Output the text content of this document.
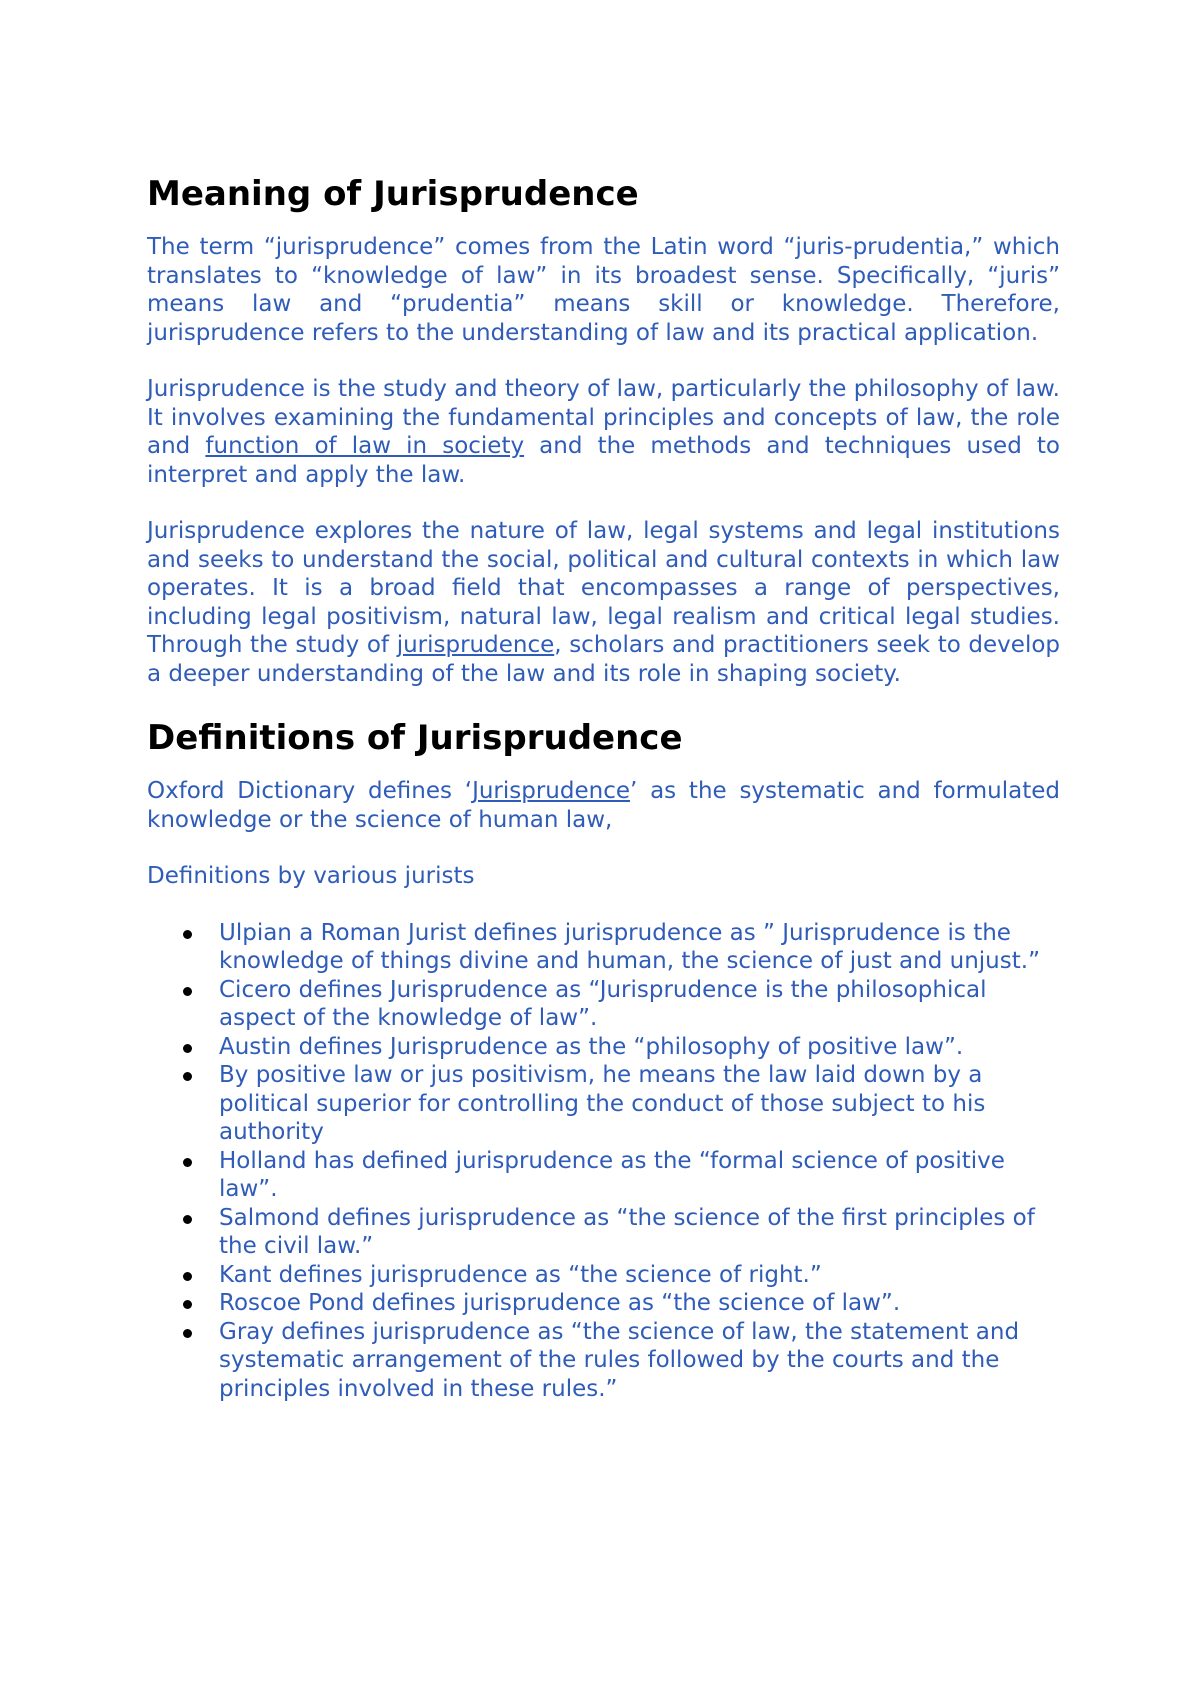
Meaning of Jurisprudence

The term “jurisprudence” comes from the Latin word “juris-prudentia,” which translates to “knowledge of law” in its broadest sense. Specifically, “juris” means law and “prudentia” means skill or knowledge. Therefore, jurisprudence refers to the understanding of law and its practical application.

Jurisprudence is the study and theory of law, particularly the philosophy of law. It involves examining the fundamental principles and concepts of law, the role and function of law in society and the methods and techniques used to interpret and apply the law.

Jurisprudence explores the nature of law, legal systems and legal institutions and seeks to understand the social, political and cultural contexts in which law operates. It is a broad field that encompasses a range of perspectives, including legal positivism, natural law, legal realism and critical legal studies. Through the study of jurisprudence, scholars and practitioners seek to develop a deeper understanding of the law and its role in shaping society.

Definitions of Jurisprudence

Oxford Dictionary defines ‘Jurisprudence’ as the systematic and formulated knowledge or the science of human law,

Definitions by various jurists

Ulpian a Roman Jurist defines jurisprudence as ” Jurisprudence is the knowledge of things divine and human, the science of just and unjust.”
Cicero defines Jurisprudence as “Jurisprudence is the philosophical aspect of the knowledge of law”.
Austin defines Jurisprudence as the “philosophy of positive law”.
By positive law or jus positivism, he means the law laid down by a political superior for controlling the conduct of those subject to his authority
Holland has defined jurisprudence as the “formal science of positive law”.
Salmond defines jurisprudence as “the science of the first principles of the civil law.”
Kant defines jurisprudence as “the science of right.”
Roscoe Pond defines jurisprudence as “the science of law”.
Gray defines jurisprudence as “the science of law, the statement and systematic arrangement of the rules followed by the courts and the principles involved in these rules.”
